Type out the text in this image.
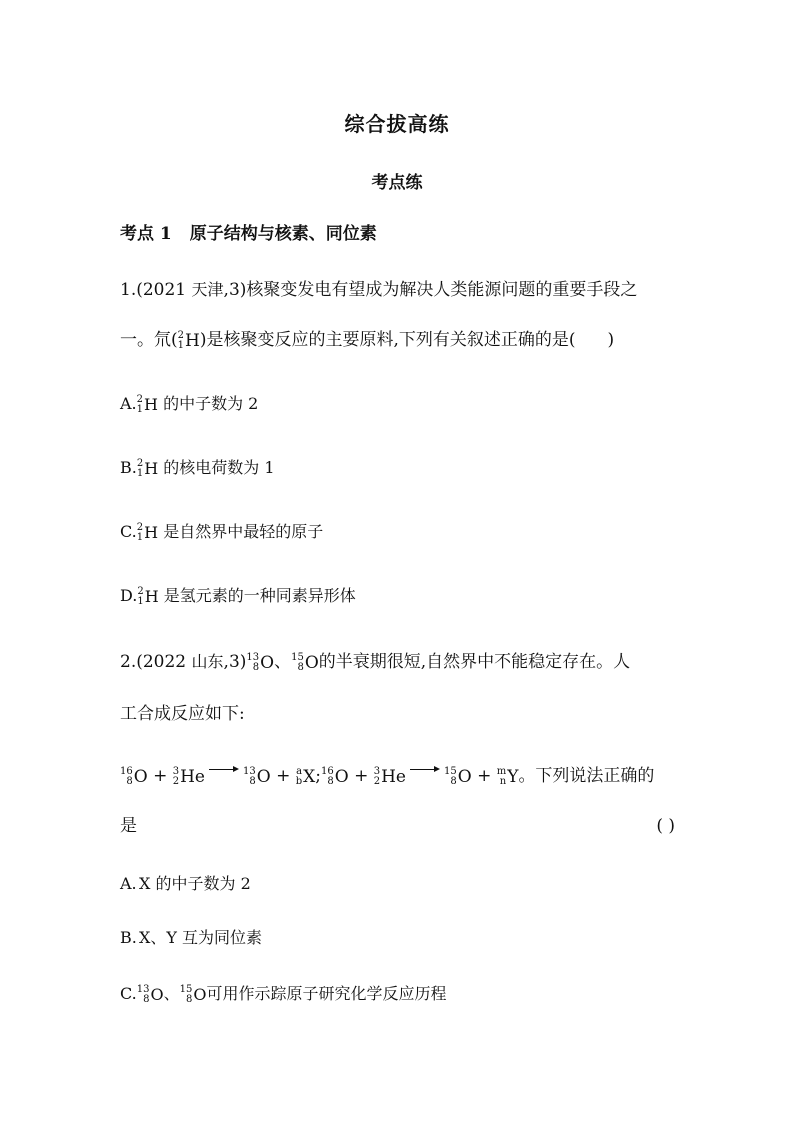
综合拔高练
考点练
考点 1 原子结构与核素、同位素
1.(2021 天津,3)核聚变发电有望成为解决人类能源问题的重要手段之
一。氘( 2
1 H )是核聚变反应的主要原料,下列有关叙述正确的是( )
A. 2
1 H 的中子数为 2
B. 2
1 H 的核电荷数为 1
C. 2
1 H 是自然界中最轻的原子
D. 2
1 H 是氢元素的一种同素异形体
2.(2022 山东,3) 13
8 O 、 15
8 O 的半衰期很短,自然界中不能稳定存在。人
工合成反应如下:
16
8 O + 3
2 He	13
8 O + a
b X ; 16
8 O + 3
2 He	15
8 O + m
n Y 。下列说法正确的
是	( )
A. X 的中子数为 2
B. X、Y 互为同位素
C. 13
8 O 、 15
8 O 可用作示踪原子研究化学反应历程
